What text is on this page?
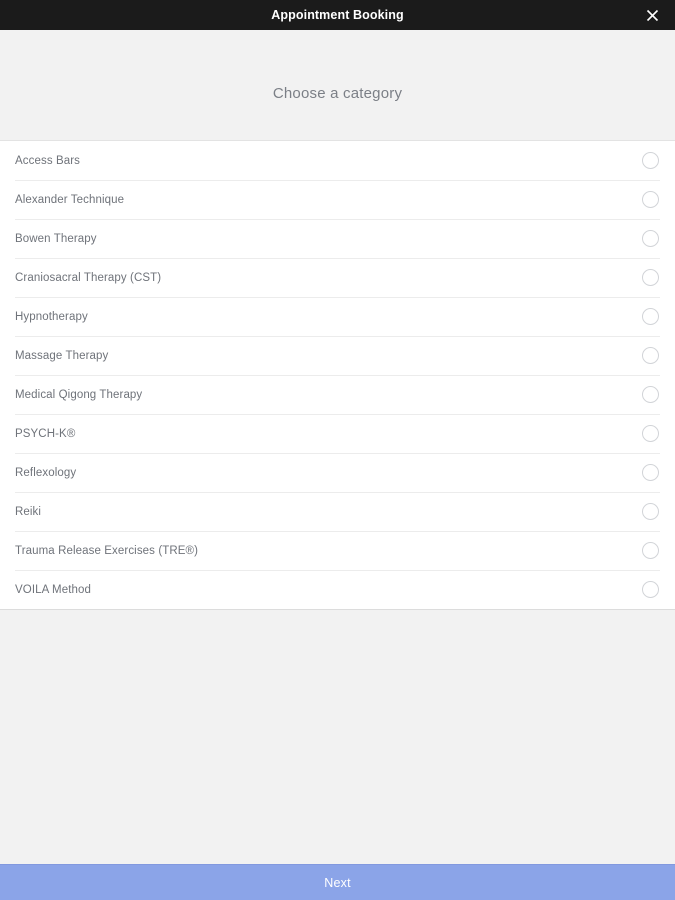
Appointment Booking
Choose a category
Access Bars
Alexander Technique
Bowen Therapy
Craniosacral Therapy (CST)
Hypnotherapy
Massage Therapy
Medical Qigong Therapy
PSYCH-K®
Reflexology
Reiki
Trauma Release Exercises (TRE®)
VOILA Method
Next
